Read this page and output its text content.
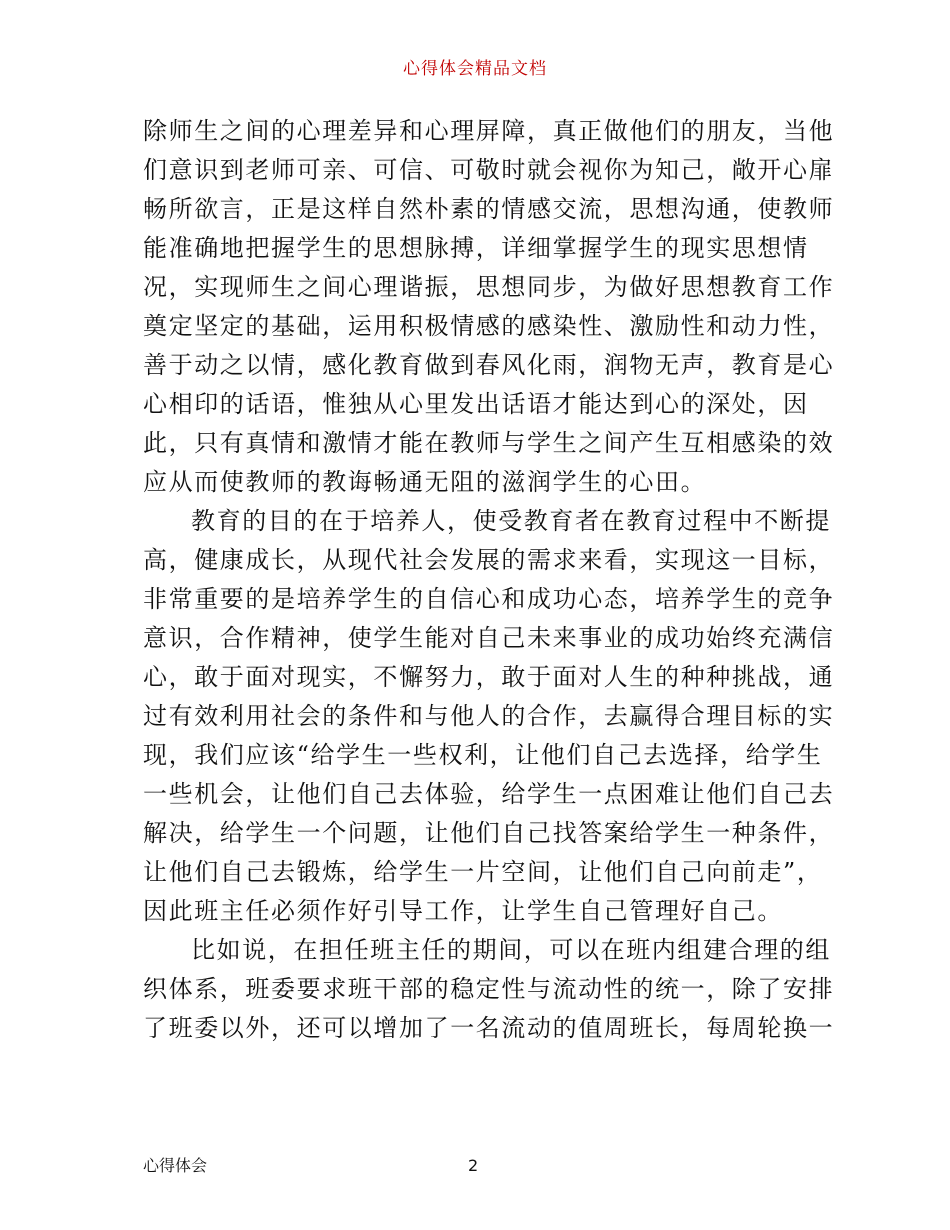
心得体会精品文档
除师生之间的心理差异和心理屏障，真正做他们的朋友，当他
们意识到老师可亲、可信、可敬时就会视你为知己，敞开心扉
畅所欲言，正是这样自然朴素的情感交流，思想沟通，使教师
能准确地把握学生的思想脉搏，详细掌握学生的现实思想情
况，实现师生之间心理谐振，思想同步，为做好思想教育工作
奠定坚定的基础，运用积极情感的感染性、激励性和动力性，
善于动之以情，感化教育做到春风化雨，润物无声，教育是心
心相印的话语，惟独从心里发出话语才能达到心的深处，因
此，只有真情和激情才能在教师与学生之间产生互相感染的效
应从而使教师的教诲畅通无阻的滋润学生的心田。
教育的目的在于培养人，使受教育者在教育过程中不断提
高，健康成长，从现代社会发展的需求来看，实现这一目标，
非常重要的是培养学生的自信心和成功心态，培养学生的竞争
意识，合作精神，使学生能对自己未来事业的成功始终充满信
心，敢于面对现实，不懈努力，敢于面对人生的种种挑战，通
过有效利用社会的条件和与他人的合作，去赢得合理目标的实
现，我们应该“给学生一些权利，让他们自己去选择，给学生
一些机会，让他们自己去体验，给学生一点困难让他们自己去
解决，给学生一个问题，让他们自己找答案给学生一种条件，
让他们自己去锻炼，给学生一片空间，让他们自己向前走”，
因此班主任必须作好引导工作，让学生自己管理好自己。
比如说，在担任班主任的期间，可以在班内组建合理的组
织体系，班委要求班干部的稳定性与流动性的统一，除了安排
了班委以外，还可以增加了一名流动的值周班长，每周轮换一
心得体会	2
